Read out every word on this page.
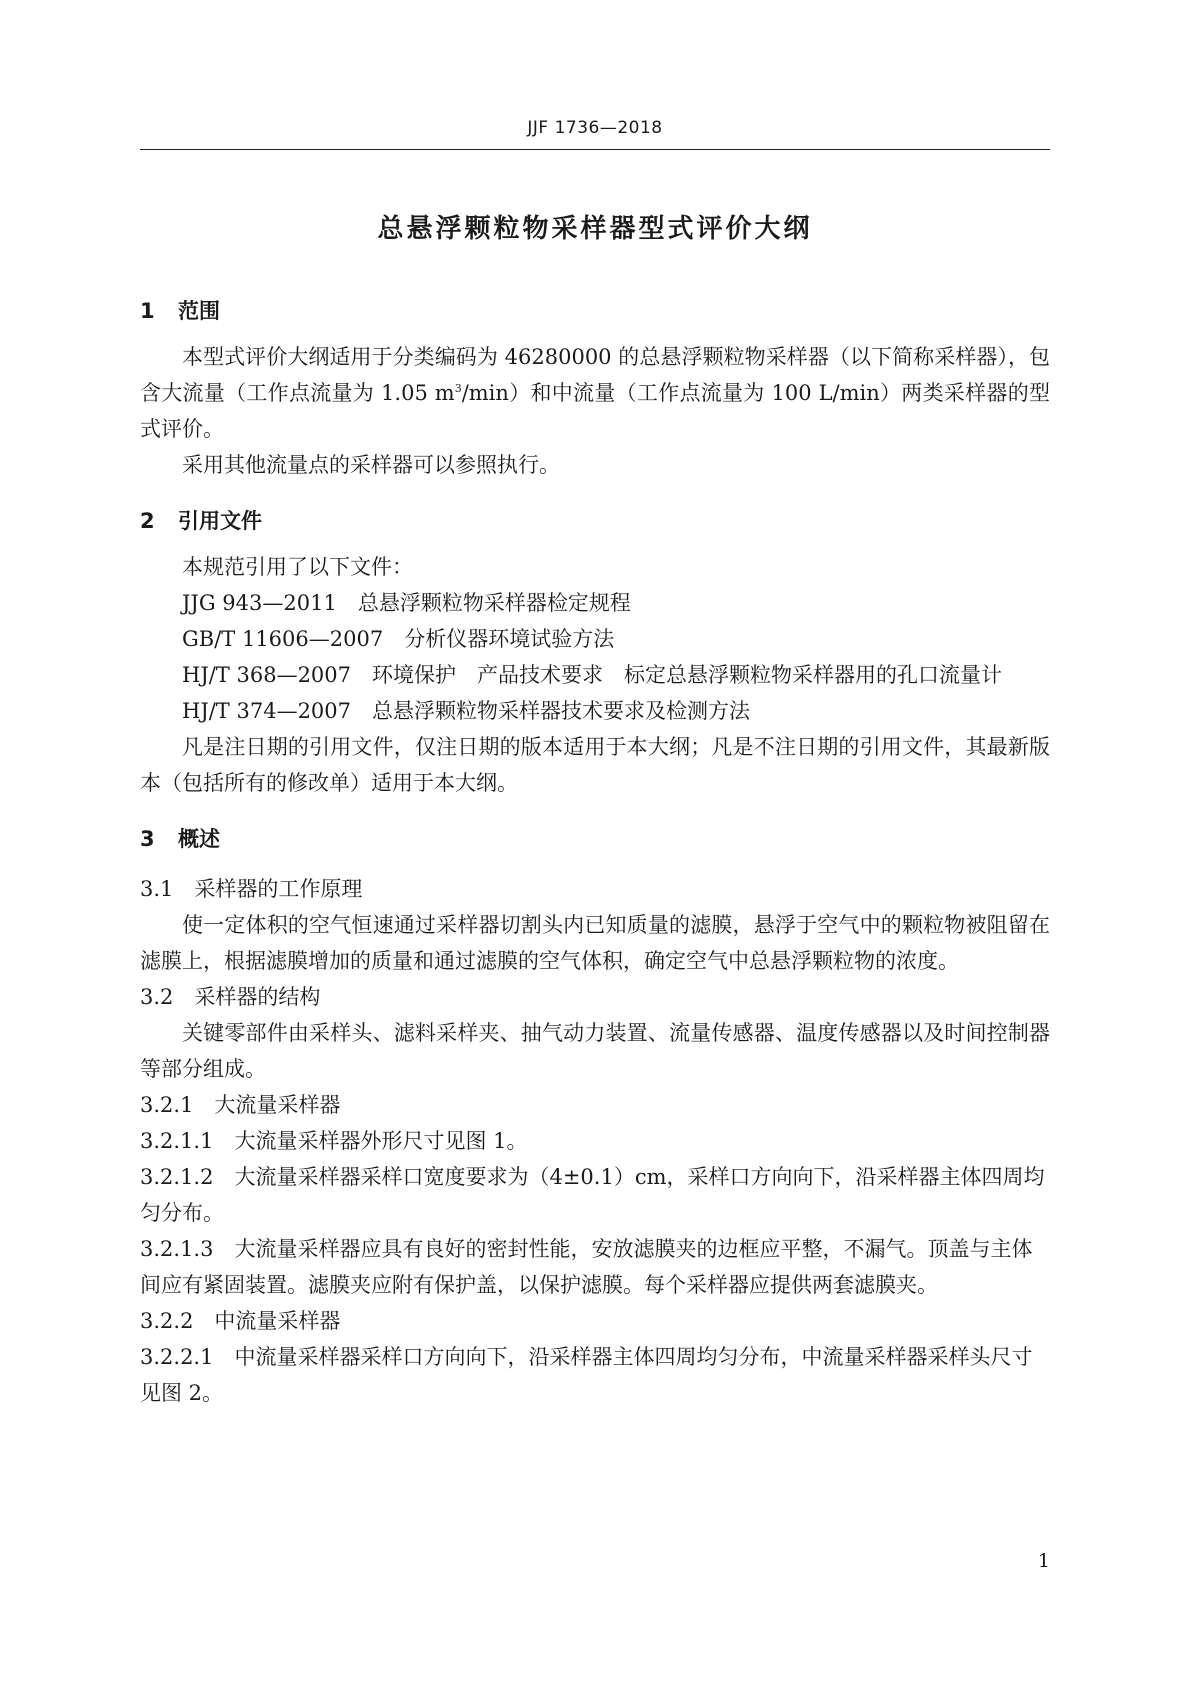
JJF 1736—2018
总悬浮颗粒物采样器型式评价大纲
1 范围
本型式评价大纲适用于分类编码为 46280000 的总悬浮颗粒物采样器（以下简称采样器），包含大流量（工作点流量为 1.05 $m^3/\min$）和中流量（工作点流量为 100 L/min）两类采样器的型式评价。
采用其他流量点的采样器可以参照执行。
2 引用文件
本规范引用了以下文件：
JJG 943—2011　总悬浮颗粒物采样器检定规程
GB/T 11606—2007　分析仪器环境试验方法
HJ/T 368—2007　环境保护　产品技术要求　标定总悬浮颗粒物采样器用的孔口流量计
HJ/T 374—2007　总悬浮颗粒物采样器技术要求及检测方法
凡是注日期的引用文件，仅注日期的版本适用于本大纲；凡是不注日期的引用文件，其最新版本（包括所有的修改单）适用于本大纲。
3 概述
3.1　采样器的工作原理
使一定体积的空气恒速通过采样器切割头内已知质量的滤膜，悬浮于空气中的颗粒物被阻留在滤膜上，根据滤膜增加的质量和通过滤膜的空气体积，确定空气中总悬浮颗粒物的浓度。
3.2　采样器的结构
关键零部件由采样头、滤料采样夹、抽气动力装置、流量传感器、温度传感器以及时间控制器等部分组成。
3.2.1　大流量采样器
3.2.1.1　大流量采样器外形尺寸见图 1。
3.2.1.2　大流量采样器采样口宽度要求为（4±0.1）cm，采样口方向向下，沿采样器主体四周均匀分布。
3.2.1.3　大流量采样器应具有良好的密封性能，安放滤膜夹的边框应平整，不漏气。顶盖与主体间应有紧固装置。滤膜夹应附有保护盖，以保护滤膜。每个采样器应提供两套滤膜夹。
3.2.2　中流量采样器
3.2.2.1　中流量采样器采样口方向向下，沿采样器主体四周均匀分布，中流量采样器采样头尺寸见图 2。
1
